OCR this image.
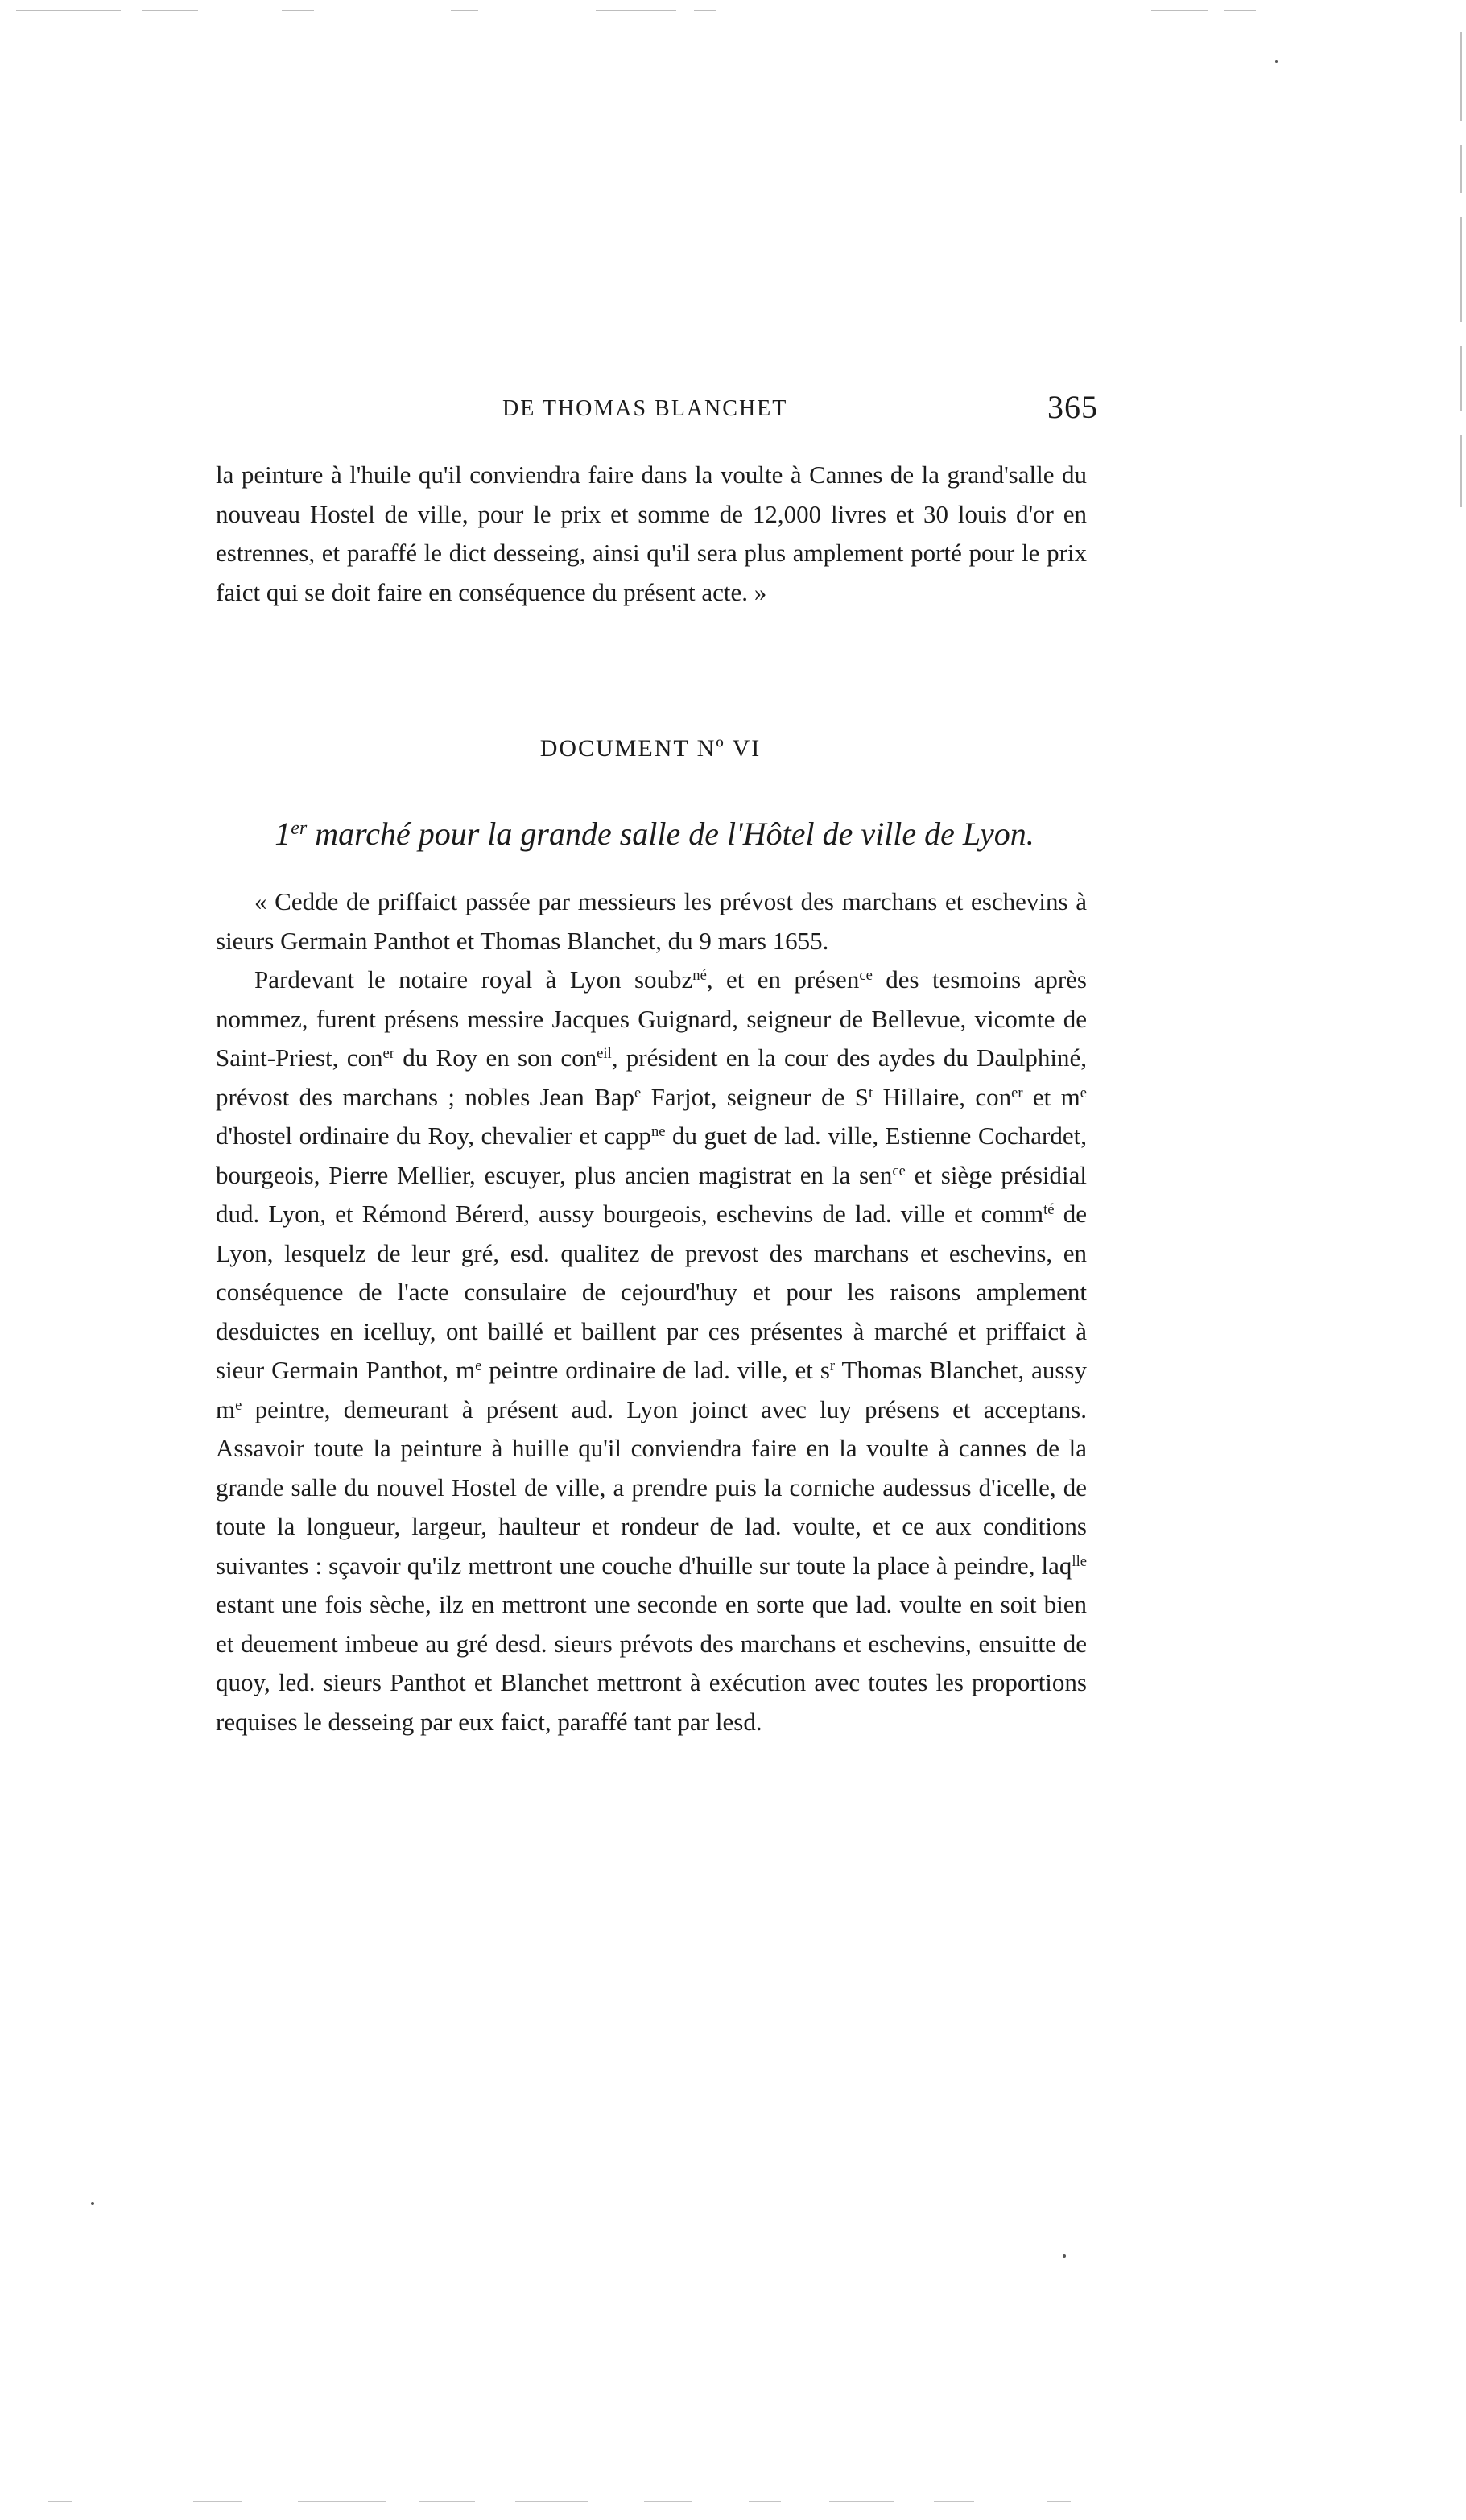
DE THOMAS BLANCHET	365
la peinture à l'huile qu'il conviendra faire dans la voulte à Cannes de la grand'salle du nouveau Hostel de ville, pour le prix et somme de 12,000 livres et 30 louis d'or en estrennes, et paraffé le dict desseing, ainsi qu'il sera plus amplement porté pour le prix faict qui se doit faire en conséquence du présent acte. »
DOCUMENT Nº VI
1er marché pour la grande salle de l'Hôtel de ville de Lyon.

« Cedde de priffaict passée par messieurs les prévost des marchans et eschevins à sieurs Germain Panthot et Thomas Blanchet, du 9 mars 1655.

Pardevant le notaire royal à Lyon soubz$^{né}$, et en présen$^{ce}$ des tesmoins après nommez, furent présens messire Jacques Guignard, seigneur de Bellevue, vicomte de Saint-Priest, con$^{er}$ du Roy en son con$^{eil}$, président en la cour des aydes du Daulphiné, prévost des marchans ; nobles Jean Bap$^e$ Farjot, seigneur de $S^t$ Hillaire, con$^{er}$ et $m^e$ d'hostel ordinaire du Roy, chevalier et capp$^{ne}$ du guet de lad. ville, Estienne Cochardet, bourgeois, Pierre Mellier, escuyer, plus ancien magistrat en la sen$^{ce}$ et siège présidial dud. Lyon, et Rémond Bérerd, aussy bourgeois, eschevins de lad. ville et comm$^{té}$ de Lyon, lesquelz de leur gré, esd. qualitez de prevost des marchans et eschevins, en conséquence de l'acte consulaire de cejourd'huy et pour les raisons amplement desduictes en icelluy, ont baillé et baillent par ces présentes à marché et priffaict à sieur Germain Panthot, $m^e$ peintre ordinaire de lad. ville, et $s^r$ Thomas Blanchet, aussy $m^e$ peintre, demeurant à présent aud. Lyon joinct avec luy présens et acceptans. Assavoir toute la peinture à huille qu'il conviendra faire en la voulte à cannes de la grande salle du nouvel Hostel de ville, a prendre puis la corniche audessus d'icelle, de toute la longueur, largeur, haulteur et rondeur de lad. voulte, et ce aux conditions suivantes : sçavoir qu'ilz mettront une couche d'huille sur toute la place à peindre, laq$^{lle}$ estant une fois sèche, ilz en mettront une seconde en sorte que lad. voulte en soit bien et deuement imbeue au gré desd. sieurs prévots des marchans et eschevins, ensuitte de quoy, led. sieurs Panthot et Blanchet mettront à exécution avec toutes les proportions requises le desseing par eux faict, paraffé tant par lesd.
